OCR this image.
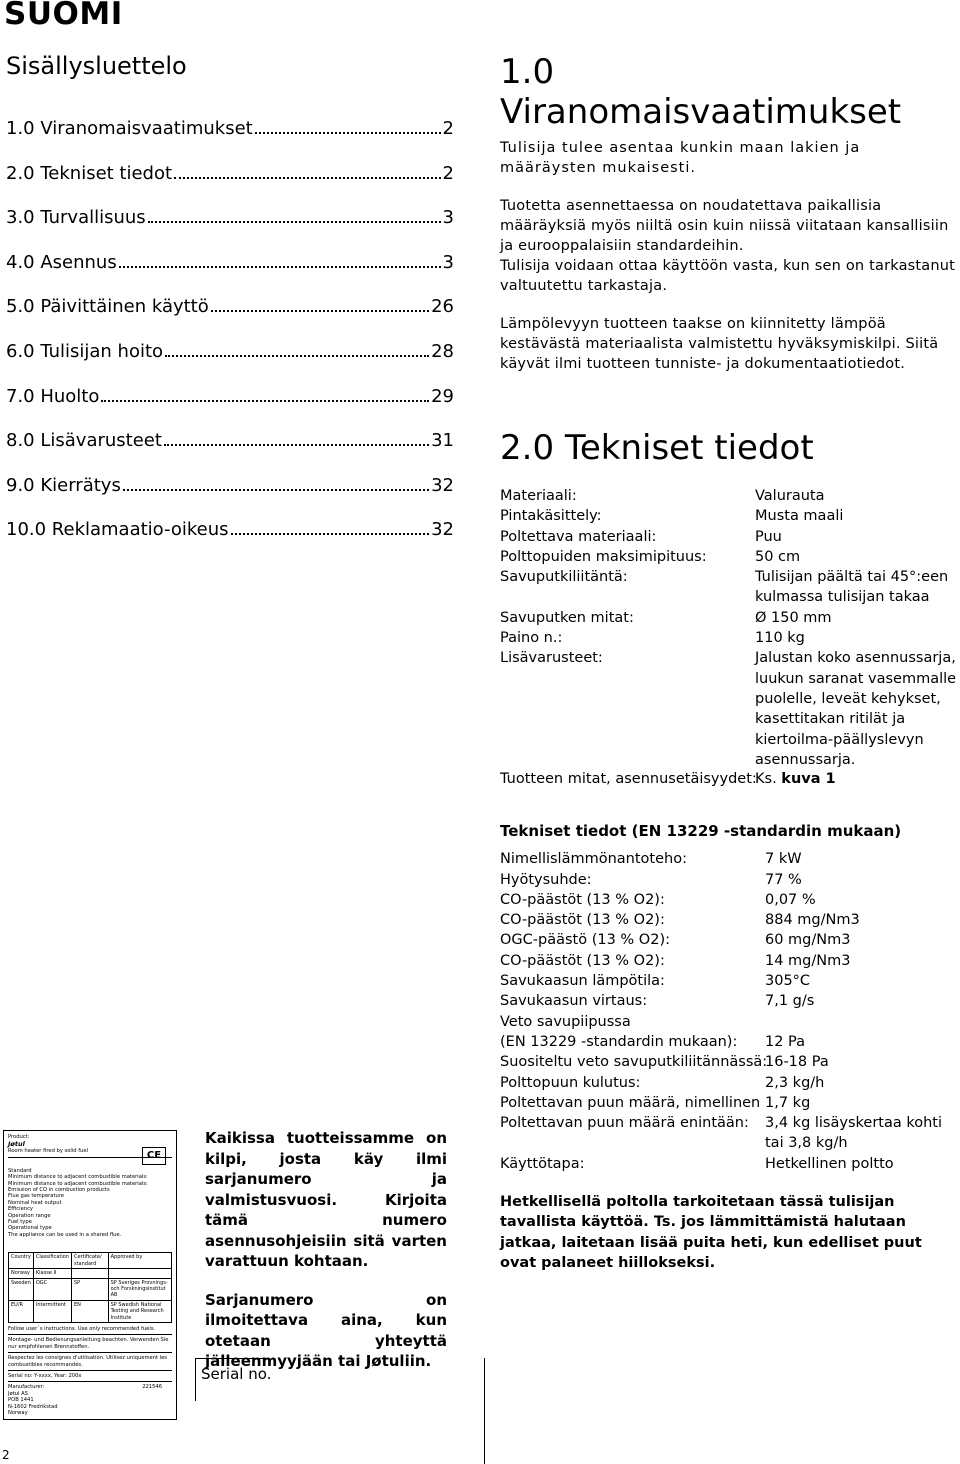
SUOMI
Sisällysluettelo
1.0 Viranomaisvaatimukset	2
2.0 Tekniset tiedot	2
3.0 Turvallisuus	3
4.0 Asennus	3
5.0 Päivittäinen käyttö	26
6.0 Tulisijan hoito	28
7.0 Huolto	29
8.0 Lisävarusteet	31
9.0 Kierrätys	32
10.0 Reklamaatio-oikeus	32
1.0 Viranomaisvaatimukset

Tulisija tulee asentaa kunkin maan lakien ja määräysten mukaisesti.

Tuotetta asennettaessa on noudatettava paikallisia määräyksiä myös niiltä osin kuin niissä viitataan kansallisiin ja eurooppalaisiin standardeihin.

Tulisija voidaan ottaa käyttöön vasta, kun sen on tarkastanut valtuutettu tarkastaja.

Lämpölevyyn tuotteen taakse on kiinnitetty lämpöä kestävästä materiaalista valmistettu hyväksymiskilpi. Siitä käyvät ilmi tuotteen tunniste- ja dokumentaatiotiedot.

2.0 Tekniset tiedot
Materiaali:	Valurauta
Pintakäsittely:	Musta maali
Poltettava materiaali:	Puu
Polttopuiden maksimipituus:	50 cm
Savuputkiliitäntä:	Tulisijan päältä tai 45°:een kulmassa tulisijan takaa
Savuputken mitat:	Ø 150 mm
Paino n.:	110 kg
Lisävarusteet:	Jalustan koko asennussarja, luukun saranat vasemmalle puolelle, leveät kehykset, kasettitakan ritilät ja kiertoilma-päällyslevyn asennussarja.
Tuotteen mitat, asennusetäisyydet:
Ks. kuva 1
Tekniset tiedot (EN 13229 -standardin mukaan)
Nimellislämmönantoteho:	7 kW
Hyötysuhde:	77 %
CO-päästöt (13 % O2):	0,07 %
CO-päästöt (13 % O2):	884 mg/Nm3
OGC-päästö (13 % O2):	60 mg/Nm3
CO-päästöt (13 % O2):	14 mg/Nm3
Savukaasun lämpötila:	305°C
Savukaasun virtaus:	7,1 g/s
Veto savupiipussa
(EN 13229 -standardin mukaan):	12 Pa
Suositeltu veto savuputkiliitännässä:
16-18 Pa
Polttopuun kulutus:	2,3 kg/h
Poltettavan puun määrä, nimellinen 1,7 kg
Poltettavan puun määrä enintään:	3,4 kg lisäyskertaa kohti tai 3,8 kg/h
Käyttötapa:	Hetkellinen poltto
Hetkellisellä poltolla tarkoitetaan tässä tulisijan tavallista käyttöä. Ts. jos lämmittämistä halutaan jatkaa, laitetaan lisää puita heti, kun edelliset puut ovat palaneet hiillokseksi.
Product:
Jøtul
Room heater fired by solid fuel	CE
Standard
Minimum distance to adjacent combustible materials:
Minimum distance to adjacent combustible materials:
Emission of CO in combustion products
Flue gas temperature
Nominal heat output
Efficiency
Operation range
Fuel type
Operational type
The appliance can be used in a shared flue.
Country	Classification	Certificate/ standard	Approved by
Norway	Klasse II		
Sweden	OGC	SP	SP Sveriges Provnings- och Forskningsinstitut AB
EU/R	Intermittent	EN	SP Swedish National Testing and Research Institute
Follow user´s instructions. Use only recommended fuels.
Montage- und Bedienungsanleitung beachten. Verwenden Sie nur empfohlenen Brennstoffen.
Respectez les consignes d'utilisation. Utilisez uniquement les combustibles recommandés.
Serial no: Y-xxxx, Year: 200x
Manufacturer:	221546
Jøtul AS
POB 1441
N-1602 Fredrikstad
Norway

Kaikissa tuotteissamme on kilpi, josta käy ilmi sarjanumero ja valmistusvuosi. Kirjoita tämä numero asennusohjeisiin sitä varten varattuun kohtaan.

Sarjanumero on ilmoitettava aina, kun otetaan yhteyttä jälleenmyyjään tai Jøtuliin.

Serial no.
2
